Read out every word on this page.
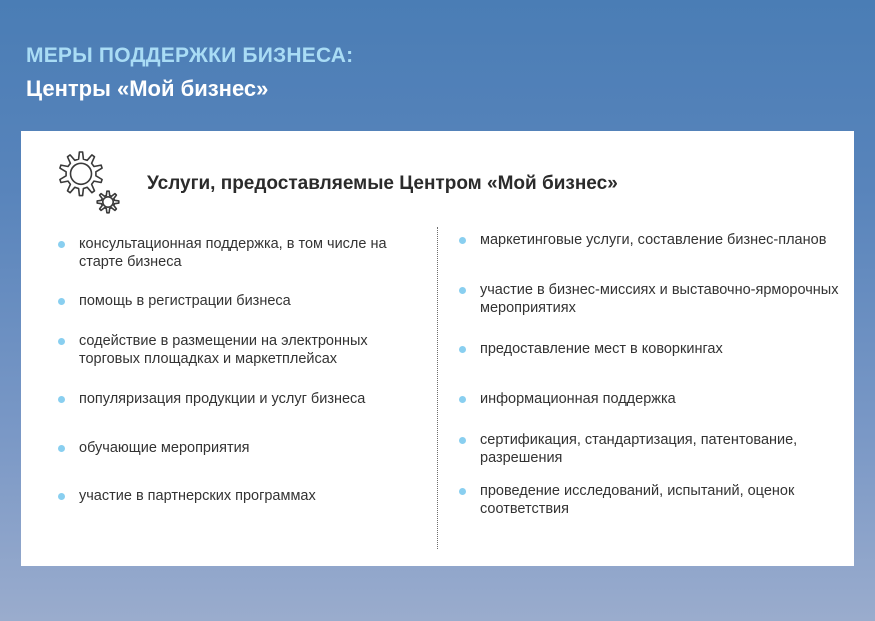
МЕРЫ ПОДДЕРЖКИ БИЗНЕСА:
Центры «Мой бизнес»
Услуги, предоставляемые Центром «Мой бизнес»
консультационная поддержка, в том числе на старте бизнеса
помощь в регистрации бизнеса
содействие в размещении на электронных торговых площадках и маркетплейсах
популяризация продукции и услуг бизнеса
обучающие мероприятия
участие в партнерских программах
маркетинговые услуги, составление бизнес-планов
участие в бизнес-миссиях и выставочно-ярморочных мероприятиях
предоставление мест в коворкингах
информационная поддержка
сертификация, стандартизация, патентование, разрешения
проведение исследований, испытаний, оценок соответствия
